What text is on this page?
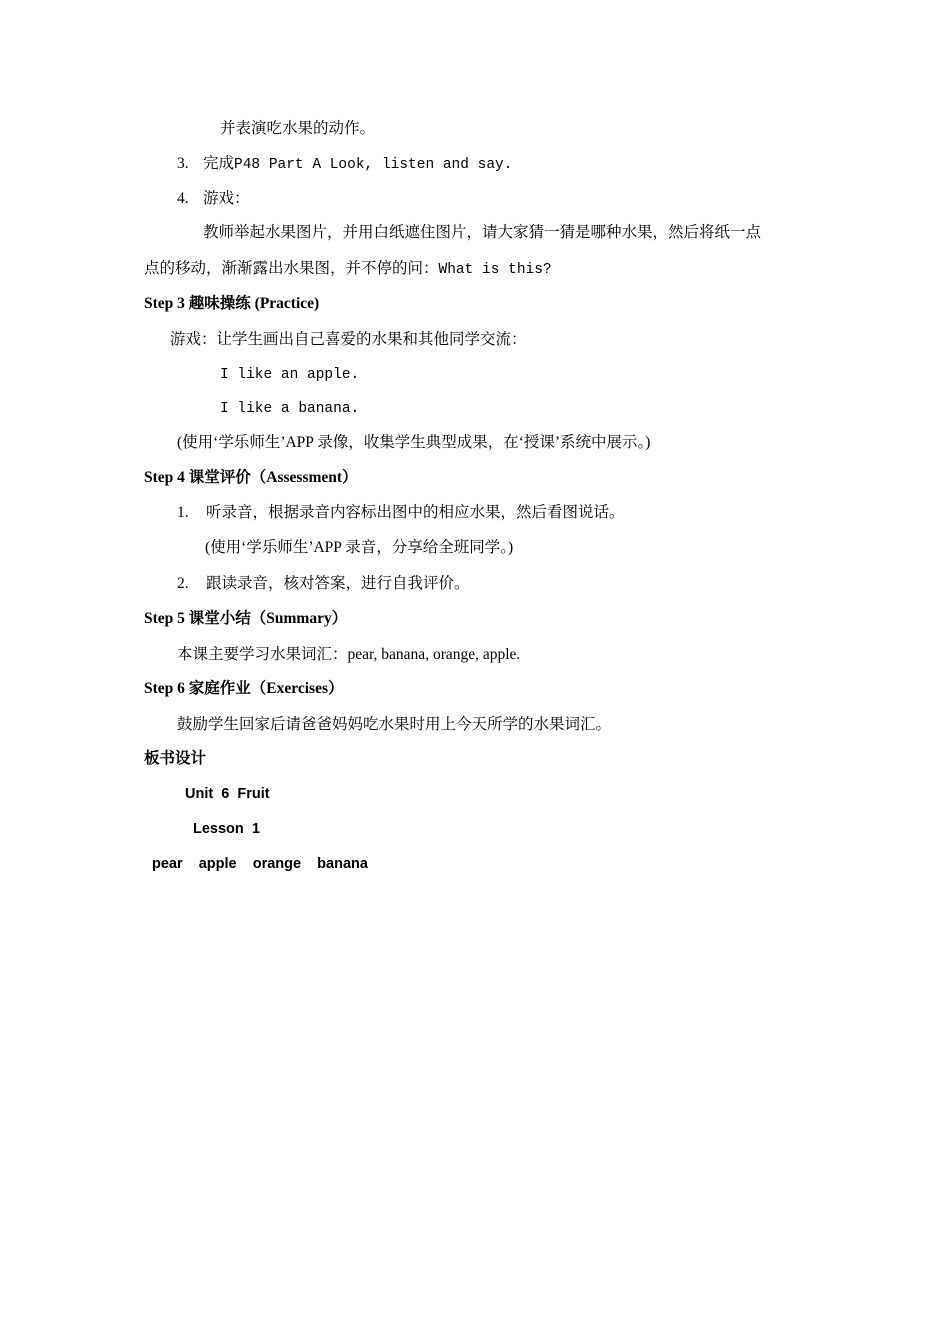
并表演吃水果的动作。
3. 完成P48 Part A Look, listen and say.
4. 游戏：
教师举起水果图片，并用白纸遮住图片，请大家猜一猜是哪种水果，然后将纸一点
点的移动，渐渐露出水果图，并不停的问：What is this?
Step 3 趣味操练 (Practice)
游戏：让学生画出自己喜爱的水果和其他同学交流：
I like an apple.
I like a banana.
(使用‘学乐师生’APP 录像，收集学生典型成果，在‘授课’系统中展示。)
Step 4 课堂评价（Assessment）
1. 听录音，根据录音内容标出图中的相应水果，然后看图说话。
(使用‘学乐师生’APP 录音，分享给全班同学。)
2. 跟读录音，核对答案，进行自我评价。
Step 5 课堂小结（Summary）
本课主要学习水果词汇：pear, banana, orange, apple.
Step 6 家庭作业（Exercises）
鼓励学生回家后请爸爸妈妈吃水果时用上今天所学的水果词汇。
板书设计
Unit  6  Fruit
Lesson  1
pear    apple    orange    banana
